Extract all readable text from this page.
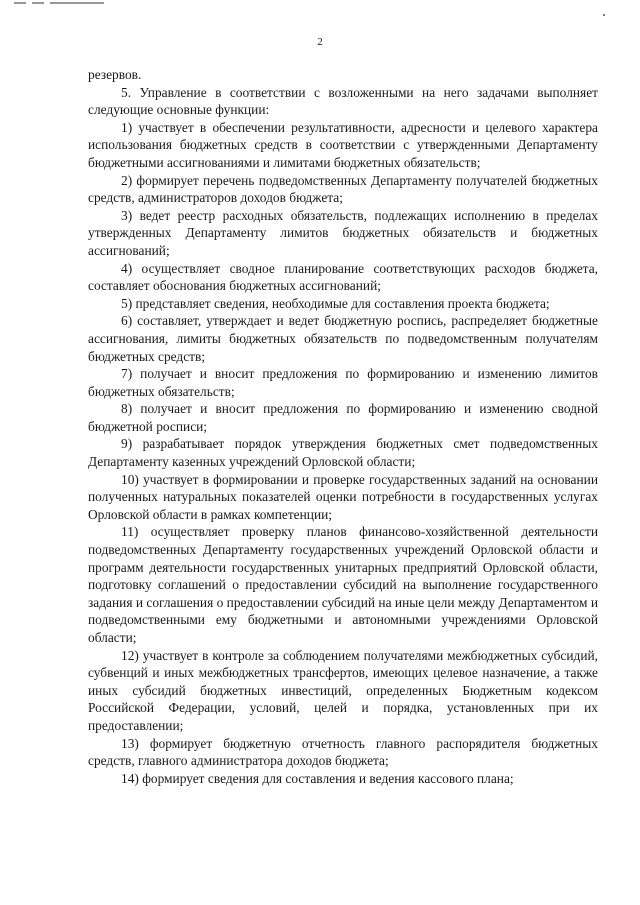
2

резервов.

5. Управление в соответствии с возложенными на него задачами выполняет следующие основные функции:

1) участвует в обеспечении результативности, адресности и целевого характера использования бюджетных средств в соответствии с утвержденными Департаменту бюджетными ассигнованиями и лимитами бюджетных обязательств;

2) формирует перечень подведомственных Департаменту получателей бюджетных средств, администраторов доходов бюджета;

3) ведет реестр расходных обязательств, подлежащих исполнению в пределах утвержденных Департаменту лимитов бюджетных обязательств и бюджетных ассигнований;

4) осуществляет сводное планирование соответствующих расходов бюджета, составляет обоснования бюджетных ассигнований;

5) представляет сведения, необходимые для составления проекта бюджета;

6) составляет, утверждает и ведет бюджетную роспись, распределяет бюджетные ассигнования, лимиты бюджетных обязательств по подведомственным получателям бюджетных средств;

7) получает и вносит предложения по формированию и изменению лимитов бюджетных обязательств;

8) получает и вносит предложения по формированию и изменению сводной бюджетной росписи;

9) разрабатывает порядок утверждения бюджетных смет подведомственных Департаменту казенных учреждений Орловской области;

10) участвует в формировании и проверке государственных заданий на основании полученных натуральных показателей оценки потребности в государственных услугах Орловской области в рамках компетенции;

11) осуществляет проверку планов финансово-хозяйственной деятельности подведомственных Департаменту государственных учреждений Орловской области и программ деятельности государственных унитарных предприятий Орловской области, подготовку соглашений о предоставлении субсидий на выполнение государственного задания и соглашения о предоставлении субсидий на иные цели между Департаментом и подведомственными ему бюджетными и автономными учреждениями Орловской области;

12) участвует в контроле за соблюдением получателями межбюджетных субсидий, субвенций и иных межбюджетных трансфертов, имеющих целевое назначение, а также иных субсидий бюджетных инвестиций, определенных Бюджетным кодексом Российской Федерации, условий, целей и порядка, установленных при их предоставлении;

13) формирует бюджетную отчетность главного распорядителя бюджетных средств, главного администратора доходов бюджета;

14) формирует сведения для составления и ведения кассового плана;
